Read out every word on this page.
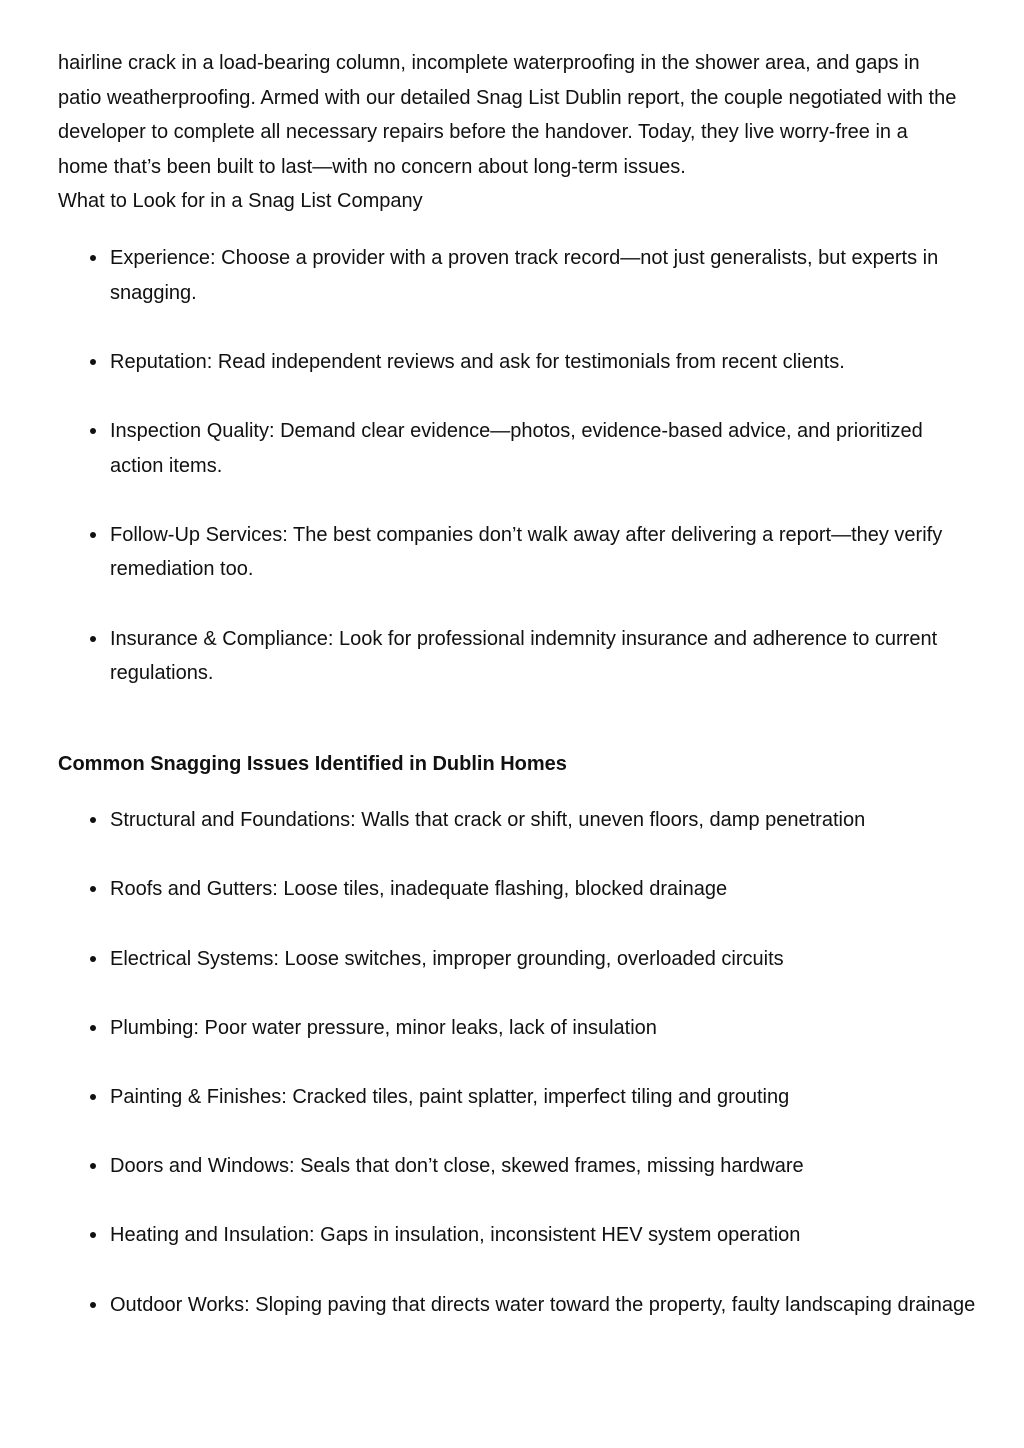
hairline crack in a load-bearing column, incomplete waterproofing in the shower area, and gaps in patio weatherproofing. Armed with our detailed Snag List Dublin report, the couple negotiated with the developer to complete all necessary repairs before the handover. Today, they live worry-free in a home that’s been built to last—with no concern about long-term issues.

What to Look for in a Snag List Company

Experience: Choose a provider with a proven track record—not just generalists, but experts in snagging.
Reputation: Read independent reviews and ask for testimonials from recent clients.
Inspection Quality: Demand clear evidence—photos, evidence-based advice, and prioritized action items.
Follow-Up Services: The best companies don’t walk away after delivering a report—they verify remediation too.
Insurance & Compliance: Look for professional indemnity insurance and adherence to current regulations.

Common Snagging Issues Identified in Dublin Homes

Structural and Foundations: Walls that crack or shift, uneven floors, damp penetration
Roofs and Gutters: Loose tiles, inadequate flashing, blocked drainage
Electrical Systems: Loose switches, improper grounding, overloaded circuits
Plumbing: Poor water pressure, minor leaks, lack of insulation
Painting & Finishes: Cracked tiles, paint splatter, imperfect tiling and grouting
Doors and Windows: Seals that don’t close, skewed frames, missing hardware
Heating and Insulation: Gaps in insulation, inconsistent HEV system operation
Outdoor Works: Sloping paving that directs water toward the property, faulty landscaping drainage
